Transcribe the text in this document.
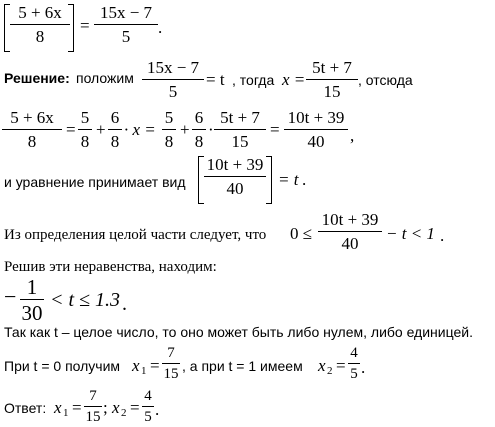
5 + 6x
8
=
15x − 7
5	.
Решение: положим
15x − 7
5
= t , тогда x =
5t + 7
15
, отсюда
5 + 6x
8
=
5
8
+
6
8
· x =
5
8
+
6
8
·
5t + 7
15
=
10t + 39
40	,
и уравнение принимает вид
10t + 39
40	= t .
Из определения целой части следует, что 0 ≤
10t + 39
40
− t < 1 .
Решив эти неравенства, находим:
− 1
30
< t ≤ 1.3 .
Так как t – целое число, то оно может быть либо нулем, либо единицей.
При t = 0 получим x 1 =
7
15 , а при t = 1 имеем x 2 =
4
5 .
Ответ: x 1 =
7
15 ; x 2 =
4
5 .
